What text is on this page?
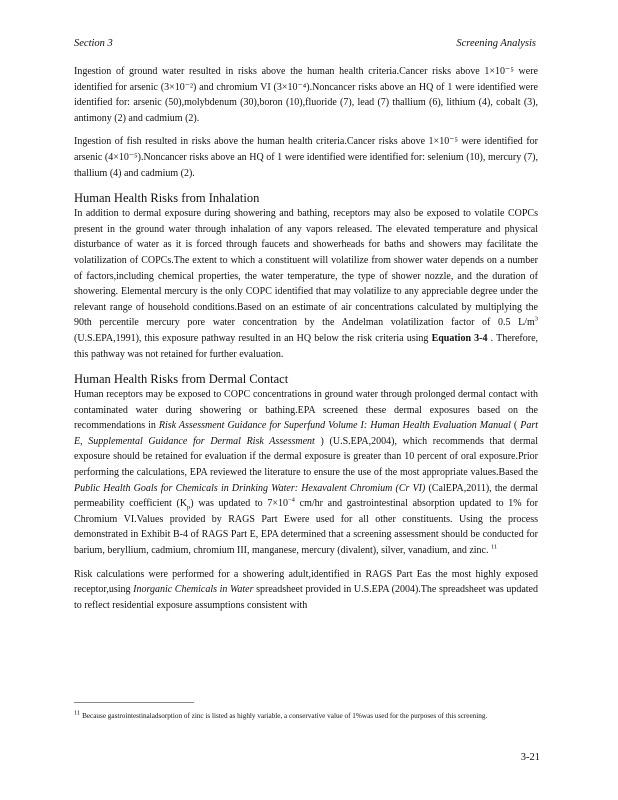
Section 3	Screening Analysis

Ingestion of ground water resulted in risks above the human health criteria.Cancer risks above 1×10⁻⁵ were identified for arsenic (3×10⁻²) and chromium VI (3×10⁻⁴).Noncancer risks above an HQ of 1 were identified were identified for: arsenic (50),molybdenum (30),boron (10),fluoride (7), lead (7) thallium (6), lithium (4), cobalt (3), antimony (2) and cadmium (2).

Ingestion of fish resulted in risks above the human health criteria.Cancer risks above 1×10⁻⁵ were identified for arsenic (4×10⁻⁵).Noncancer risks above an HQ of 1 were identified were identified for: selenium (10), mercury (7), thallium (4) and cadmium (2).

Human Health Risks from Inhalation

In addition to dermal exposure during showering and bathing, receptors may also be exposed to volatile COPCs present in the ground water through inhalation of any vapors released. The elevated temperature and physical disturbance of water as it is forced through faucets and showerheads for baths and showers may facilitate the volatilization of COPCs.The extent to which a constituent will volatilize from shower water depends on a number of factors,including chemical properties, the water temperature, the type of shower nozzle, and the duration of showering. Elemental mercury is the only COPC identified that may volatilize to any appreciable degree under the relevant range of household conditions.Based on an estimate of air concentrations calculated by multiplying the 90th percentile mercury pore water concentration by the Andelman volatilization factor of 0.5 $L/m^3$ (U.S.EPA,1991), this exposure pathway resulted in an HQ below the risk criteria using Equation 3-4 . Therefore, this pathway was not retained for further evaluation.

Human Health Risks from Dermal Contact

Human receptors may be exposed to COPC concentrations in ground water through prolonged dermal contact with contaminated water during showering or bathing.EPA screened these dermal exposures based on the recommendations in Risk Assessment Guidance for Superfund Volume I: Human Health Evaluation Manual ( Part E, Supplemental Guidance for Dermal Risk Assessment ) (U.S.EPA,2004), which recommends that dermal exposure should be retained for evaluation if the dermal exposure is greater than 10 percent of oral exposure.Prior performing the calculations, EPA reviewed the literature to ensure the use of the most appropriate values.Based the Public Health Goals for Chemicals in Drinking Water: Hexavalent Chromium (Cr VI) (CalEPA,2011), the dermal permeability coefficient $(K_p)$ was updated to $7\times 10^{-4}$ cm/hr and gastrointestinal absorption updated to 1% for Chromium VI.Values provided by RAGS Part Ewere used for all other constituents. Using the process demonstrated in Exhibit B-4 of RAGS Part E, EPA determined that a screening assessment should be conducted for barium, beryllium, cadmium, chromium III, manganese, mercury (divalent), silver, vanadium, and zinc. $^{11}$

Risk calculations were performed for a showering adult,identified in RAGS Part Eas the most highly exposed receptor,using Inorganic Chemicals in Water spreadsheet provided in U.S.EPA (2004).The spreadsheet was updated to reflect residential exposure assumptions consistent with

$^{11}$ Because gastrointestinaladsorption of zinc is listed as highly variable, a conservative value of 1%was used for the purposes of this screening.
3-21
